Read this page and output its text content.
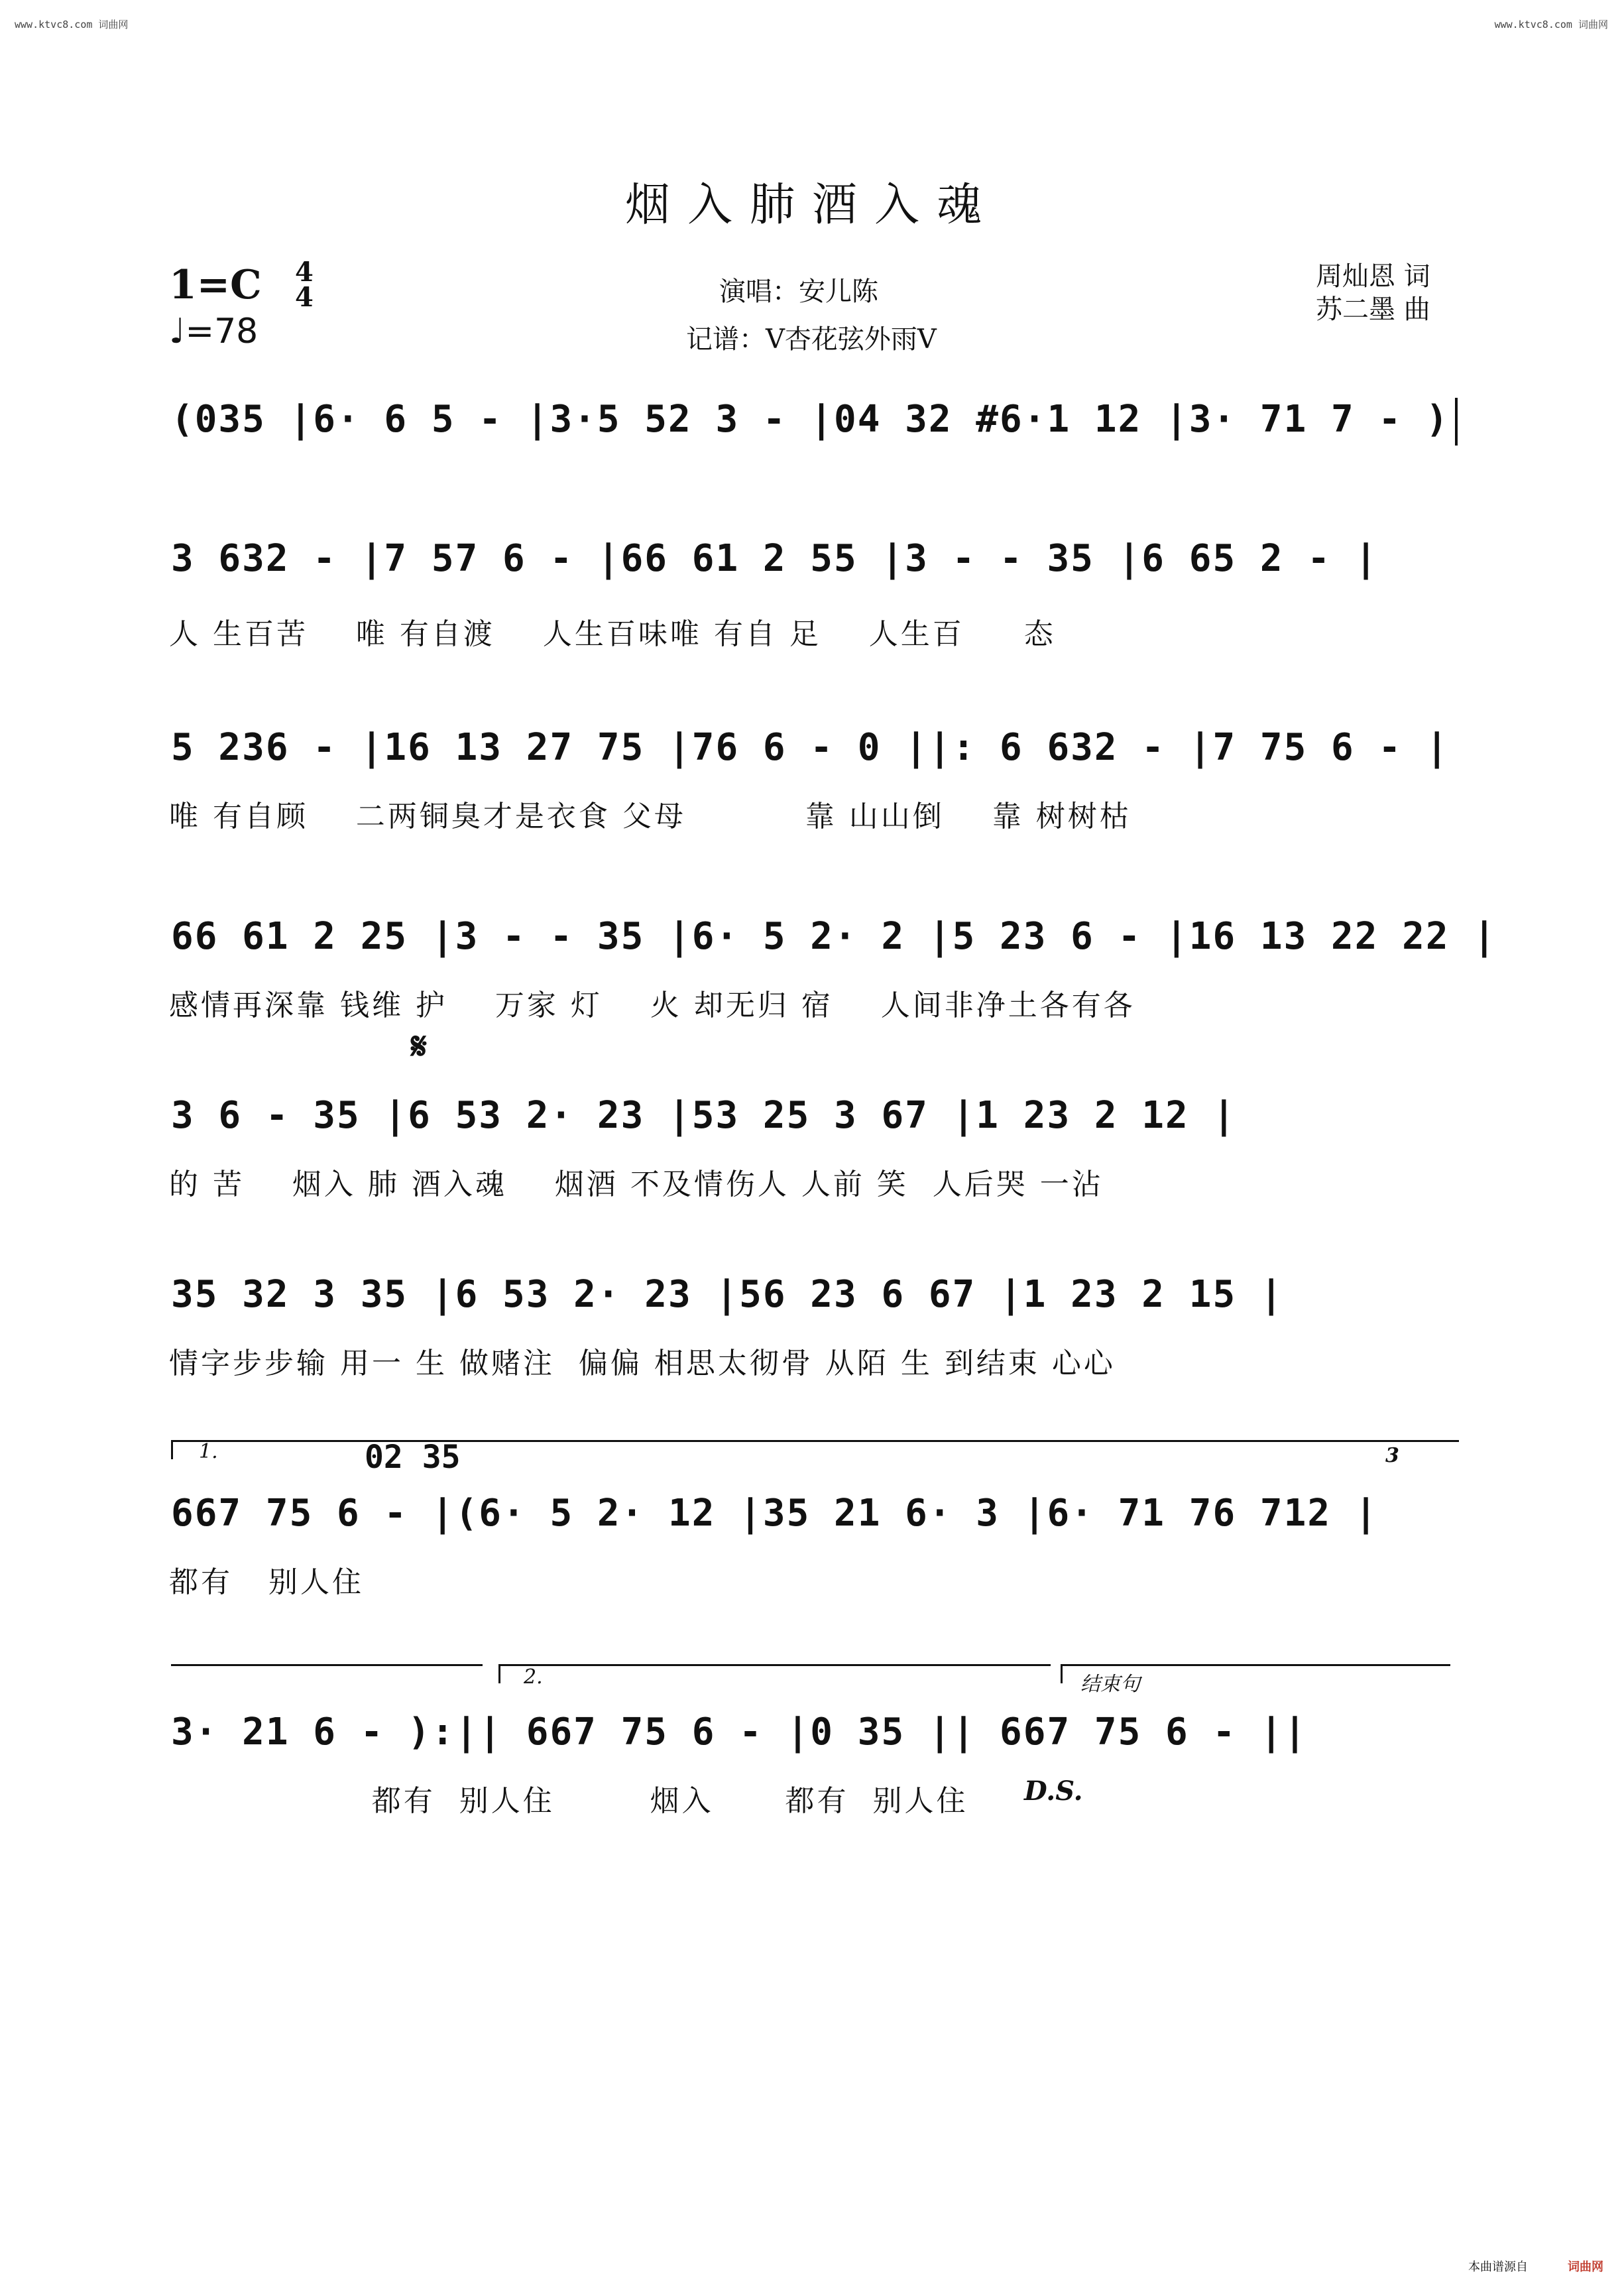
www.ktvc8.com 词曲网	www.ktvc8.com 词曲网
烟入肺酒入魂
1=C 4
4
♩=78
演唱：安儿陈
记谱：V杏花弦外雨V
周灿恩 词
苏二墨 曲
(035 |6· 6 5 - |3·5 52 3 - |04 32 #6·1 12 |3· 71 7 - )
3 632 - |7 57 6 - |66 61 2 55 |3 - - 35 |6 65 2 - |
人 生百苦    唯 有自渡    人生百味唯 有自 足    人生百     态
5 236 - |16 13 27 75 |76 6 - 0 ||: 6 632 - |7 75 6 - |
唯 有自顾    二两铜臭才是衣食 父母          靠 山山倒    靠 树树枯
66 61 2 25 |3 - - 35 |6· 5 2· 2 |5 23 6 - |16 13 22 22 |
感情再深靠 钱维 护    万家 灯    火 却无归 宿    人间非净土各有各
𝄋
3 6 - 35 |6 53 2· 23 |53 25 3 67 |1 23 2 12 |
的 苦    烟入 肺 酒入魂    烟酒 不及情伤人 人前 笑  人后哭 一沾
35 32 3 35 |6 53 2· 23 |56 23 6 67 |1 23 2 15 |
情字步步输 用一 生 做赌注  偏偏 相思太彻骨 从陌 生 到结束 心心
1.	02 35	3
667 75 6 - |(6· 5 2· 12 |35 21 6· 3 |6· 71 76 712 |
都有   别人住
2.	结束句
3· 21 6 - ):|| 667 75 6 - |0 35 || 667 75 6 - ||
都有  别人住        烟入      都有  别人住 D.S.
本曲谱源自	词曲网
